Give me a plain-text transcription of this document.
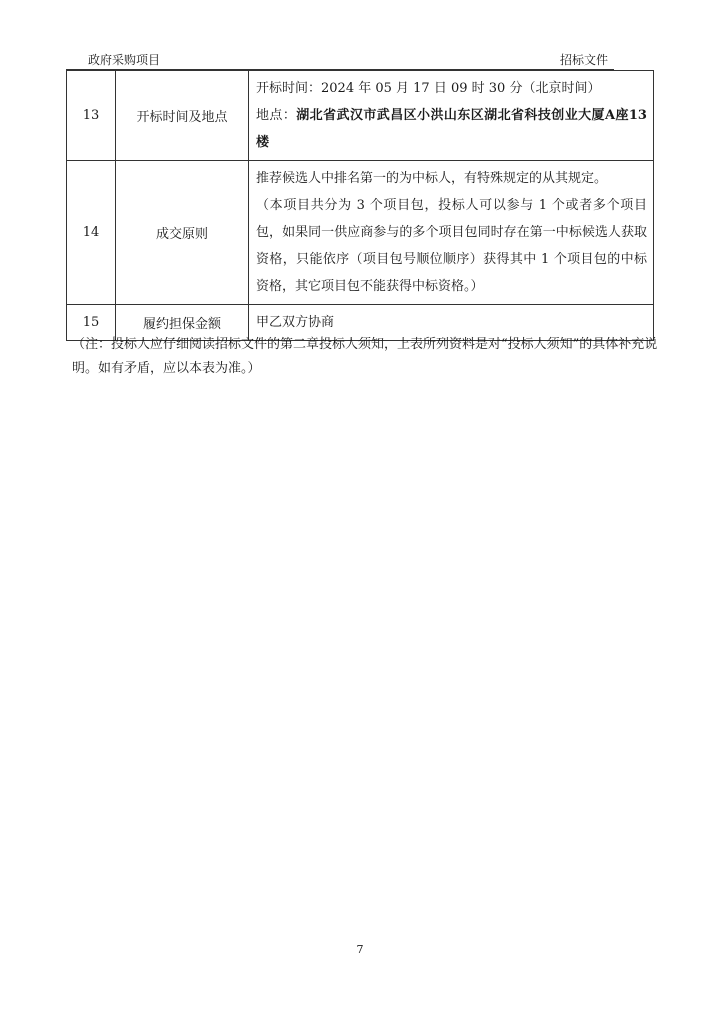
政府采购项目	招标文件
13	开标时间及地点	开标时间：2024 年 05 月 17 日 09 时 30 分（北京时间）
地点：湖北省武汉市武昌区小洪山东区湖北省科技创业大厦A座13楼

14	成交原则	推荐候选人中排名第一的为中标人，有特殊规定的从其规定。
（本项目共分为 3 个项目包，投标人可以参与 1 个或者多个项目包，如果同一供应商参与的多个项目包同时存在第一中标候选人获取资格，只能依序（项目包号顺位顺序）获得其中 1 个项目包的中标资格，其它项目包不能获得中标资格。）

15	履约担保金额	甲乙双方协商
（注：投标人应仔细阅读招标文件的第二章投标人须知，上表所列资料是对“投标人须知”的具体补充说明。如有矛盾，应以本表为准。）
7
